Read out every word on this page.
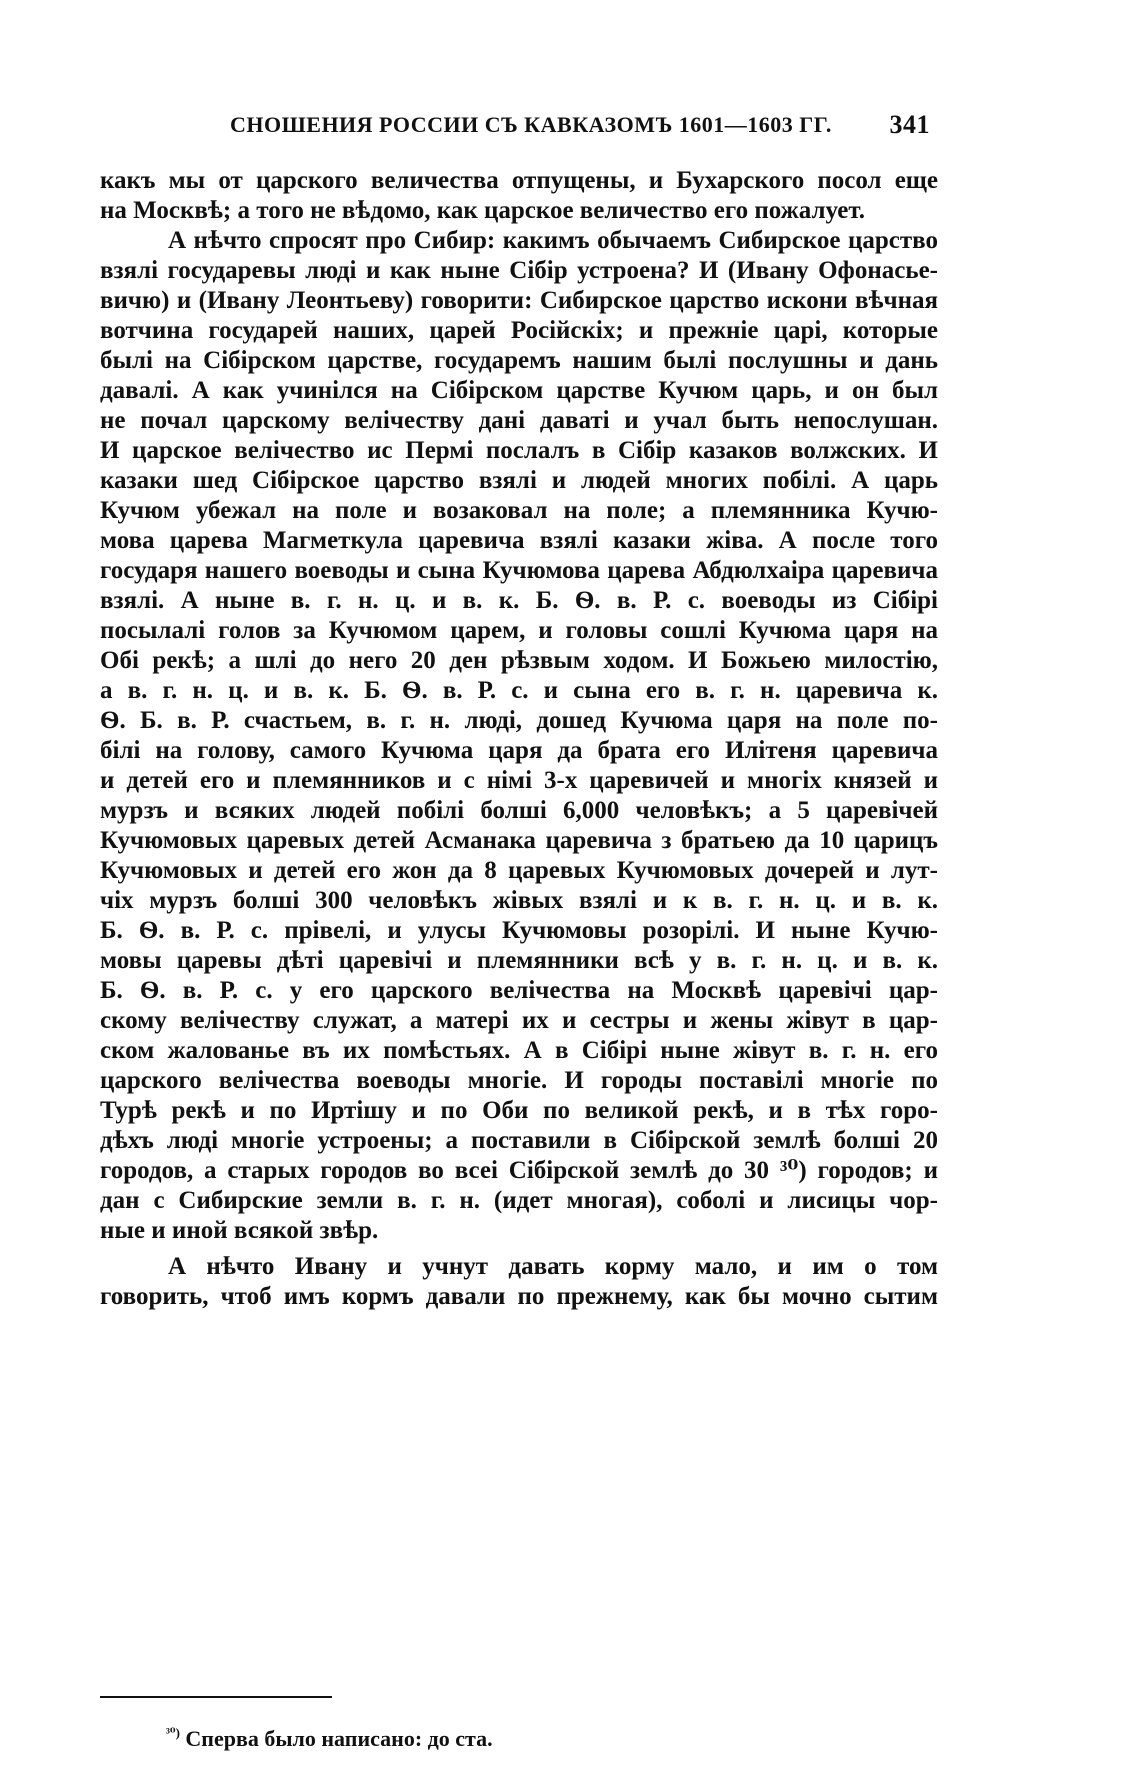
СНОШЕНИЯ РОССИИ СЪ КАВКАЗОМЪ 1601—1603 ГГ. 341
какъ мы от царского величества отпущены, и Бухарского посол еще
на Москвѣ; а того не вѣдомо, как царское величество его пожалует.
А нѣчто спросят про Сибир: какимъ обычаемъ Сибирское царство
взялі государевы люді и как ныне Сібір устроена? И (Ивану Офонасье-
вичю) и (Ивану Леонтьеву) говорити: Сибирское царство искони вѣчная
вотчина государей наших, царей Російскіх; и прежніе царі, которые
былі на Сібірском царстве, государемъ нашим былі послушны и дань
давалі. А как учинілся на Сібірском царстве Кучюм царь, и он был
не почал царскому велічеству дані даваті и учал быть непослушан.
И царское велічество ис Пермі послалъ в Сібір казаков волжских. И
казаки шед Сібірское царство взялі и людей многих побілі. А царь
Кучюм убежал на поле и возаковал на поле; а племянника Кучю-
мова царева Магметкула царевича взялі казаки жіва. А после того
государя нашего воеводы и сына Кучюмова царева Абдюлхаіра царевича
взялі. А ныне в. г. н. ц. и в. к. Б. Ѳ. в. Р. с. воеводы из Сібірі
посылалі голов за Кучюмом царем, и головы сошлі Кучюма царя на
Обі рекѣ; а шлі до него 20 ден рѣзвым ходом. И Божьею милостію,
а в. г. н. ц. и в. к. Б. Ѳ. в. Р. с. и сына его в. г. н. царевича к.
Ѳ. Б. в. Р. счастьем, в. г. н. люді, дошед Кучюма царя на поле по-
білі на голову, самого Кучюма царя да брата его Илітеня царевича
и детей его и племянников и с німі 3-х царевичей и многіх князей и
мурзъ и всяких людей побілі болші 6,000 человѣкъ; а 5 царевічей
Кучюмовых царевых детей Асманака царевича з братьею да 10 царицъ
Кучюмовых и детей его жон да 8 царевых Кучюмовых дочерей и лут-
чіх мурзъ болші 300 человѣкъ жівых взялі и к в. г. н. ц. и в. к.
Б. Ѳ. в. Р. с. прівелі, и улусы Кучюмовы розорілі. И ныне Кучю-
мовы царевы дѣті царевічі и племянники всѣ у в. г. н. ц. и в. к.
Б. Ѳ. в. Р. с. у его царского велічества на Москвѣ царевічі цар-
скому велічеству служат, а матері их и сестры и жены жівут в цар-
ском жалованье въ их помѣстьях. А в Сібірі ныне жівут в. г. н. его
царского велічества воеводы многіе. И городы поставілі многіе по
Турѣ рекѣ и по Иртішу и по Оби по великой рекѣ, и в тѣх горо-
дѣхъ люді многіе устроены; а поставили в Сібірской землѣ болші 20
городов, а старых городов во всеі Сібірской землѣ до 30 ³⁰) городов; и
дан с Сибирские земли в. г. н. (идет многая), соболі и лисицы чор-
ные и иной всякой звѣр.
А нѣчто Ивану и учнут давать корму мало, и им о том
говорить, чтоб имъ кормъ давали по прежнему, как бы мочно сытим
$^{^{30})}$ Сперва было написано: до ста.
